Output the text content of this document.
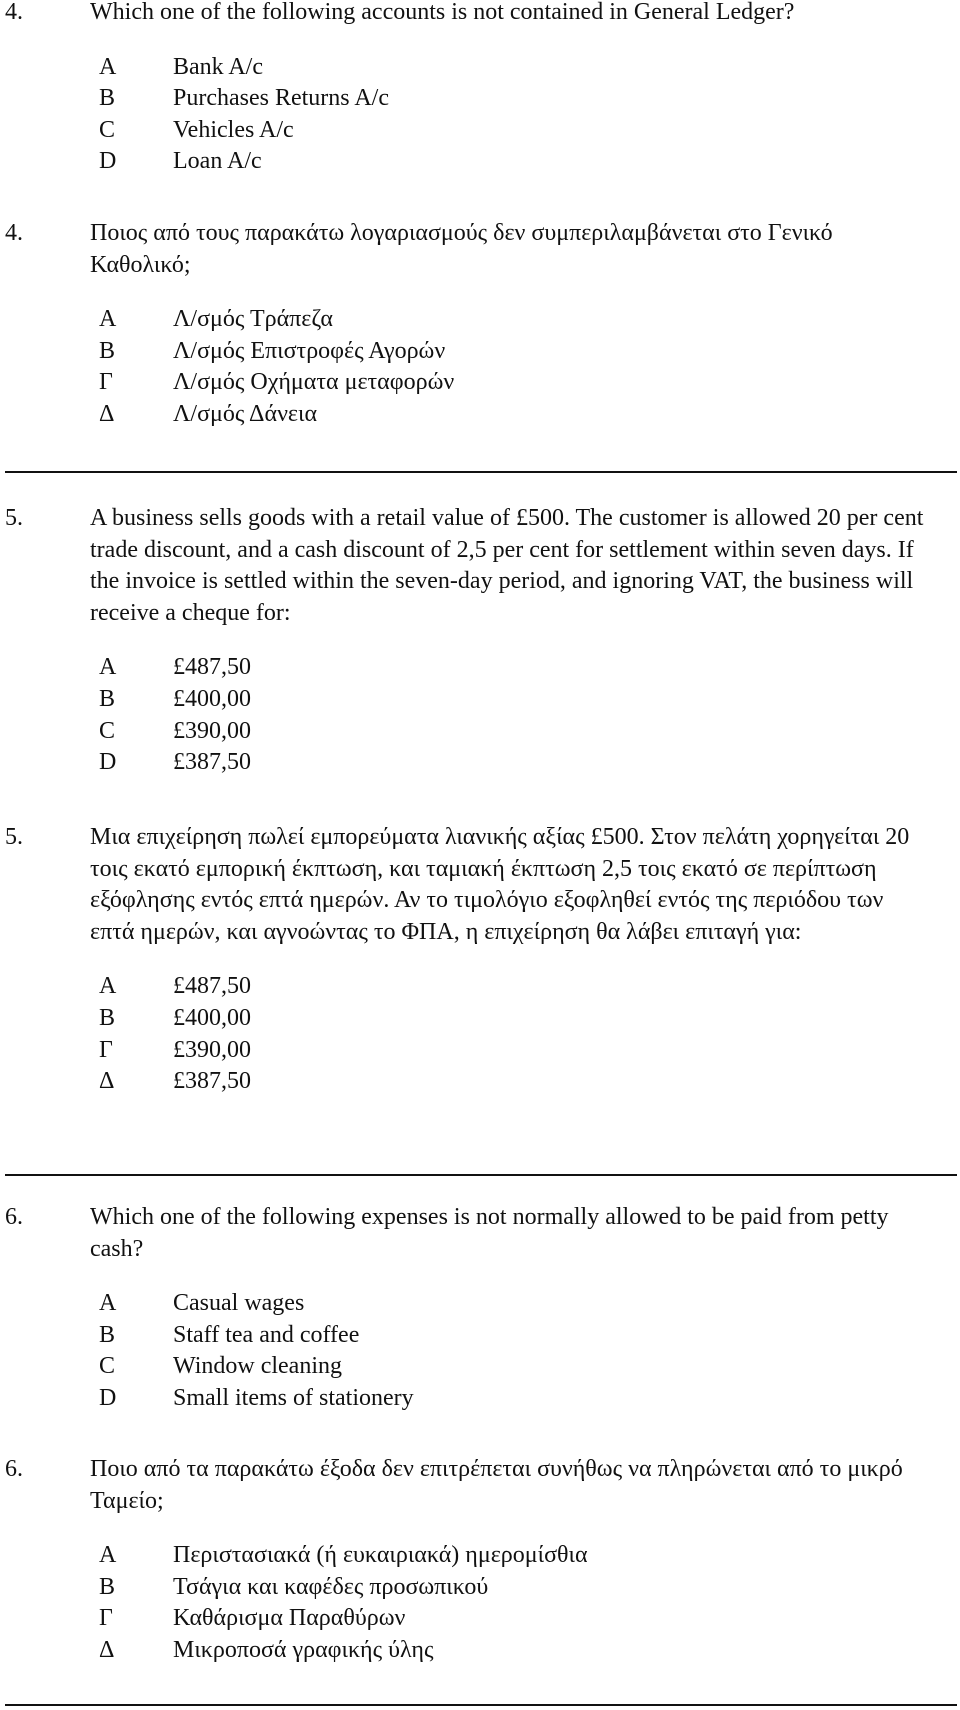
4.	Which one of the following accounts is not contained in General Ledger?
A	Bank A/c
B	Purchases Returns A/c
C	Vehicles A/c
D	Loan A/c
4.	Ποιος από τους παρακάτω λογαριασμούς δεν συμπεριλαμβάνεται στο Γενικό Καθολικό;
A	Λ/σμός Τράπεζα
B	Λ/σμός Επιστροφές Αγορών
Γ	Λ/σμός Οχήματα μεταφορών
Δ	Λ/σμός Δάνεια
5.	A business sells goods with a retail value of £500. The customer is allowed 20 per cent trade discount, and a cash discount of 2,5 per cent for settlement within seven days. If the invoice is settled within the seven-day period, and ignoring VAT, the business will receive a cheque for:
A	£487,50
B	£400,00
C	£390,00
D	£387,50
5.	Μια επιχείρηση πωλεί εμπορεύματα λιανικής αξίας £500. Στον πελάτη χορηγείται 20 τοις εκατό εμπορική έκπτωση, και ταμιακή έκπτωση 2,5 τοις εκατό σε περίπτωση εξόφλησης εντός επτά ημερών. Αν το τιμολόγιο εξοφληθεί εντός της περιόδου των επτά ημερών, και αγνοώντας το ΦΠΑ, η επιχείρηση θα λάβει επιταγή για:
A	£487,50
B	£400,00
Γ	£390,00
Δ	£387,50
6.	Which one of the following expenses is not normally allowed to be paid from petty cash?
A	Casual wages
B	Staff tea and coffee
C	Window cleaning
D	Small items of stationery
6.	Ποιο από τα παρακάτω έξοδα δεν επιτρέπεται συνήθως να πληρώνεται από το μικρό Ταμείο;
A	Περιστασιακά (ή ευκαιριακά) ημερομίσθια
B	Τσάγια και καφέδες προσωπικού
Γ	Καθάρισμα Παραθύρων
Δ	Μικροποσά γραφικής ύλης
